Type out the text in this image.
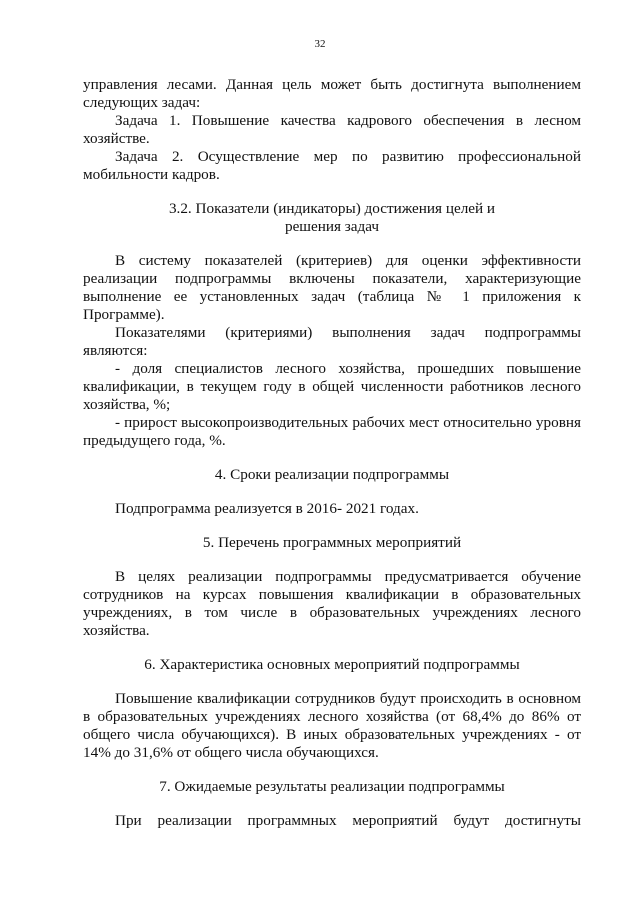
32

управления лесами. Данная цель может быть достигнута выполнением следующих задач:

Задача 1. Повышение качества кадрового обеспечения в лесном хозяйстве.

Задача 2. Осуществление мер по развитию профессиональной мобильности кадров.

3.2. Показатели (индикаторы) достижения целей и решения задач

В систему показателей (критериев) для оценки эффективности реализации подпрограммы включены показатели, характеризующие выполнение ее установленных задач (таблица № 1 приложения к Программе).

Показателями (критериями) выполнения задач подпрограммы являются:

- доля специалистов лесного хозяйства, прошедших повышение квалификации, в текущем году в общей численности работников лесного хозяйства, %;

- прирост высокопроизводительных рабочих мест относительно уровня предыдущего года, %.

4. Сроки реализации подпрограммы

Подпрограмма реализуется в 2016- 2021 годах.

5. Перечень программных мероприятий

В целях реализации подпрограммы предусматривается обучение сотрудников на курсах повышения квалификации в образовательных учреждениях, в том числе в образовательных учреждениях лесного хозяйства.

6. Характеристика основных мероприятий подпрограммы

Повышение квалификации сотрудников будут происходить в основном в образовательных учреждениях лесного хозяйства (от 68,4% до 86% от общего числа обучающихся). В иных образовательных учреждениях - от 14% до 31,6% от общего числа обучающихся.

7. Ожидаемые результаты реализации подпрограммы

При реализации программных мероприятий будут достигнуты
